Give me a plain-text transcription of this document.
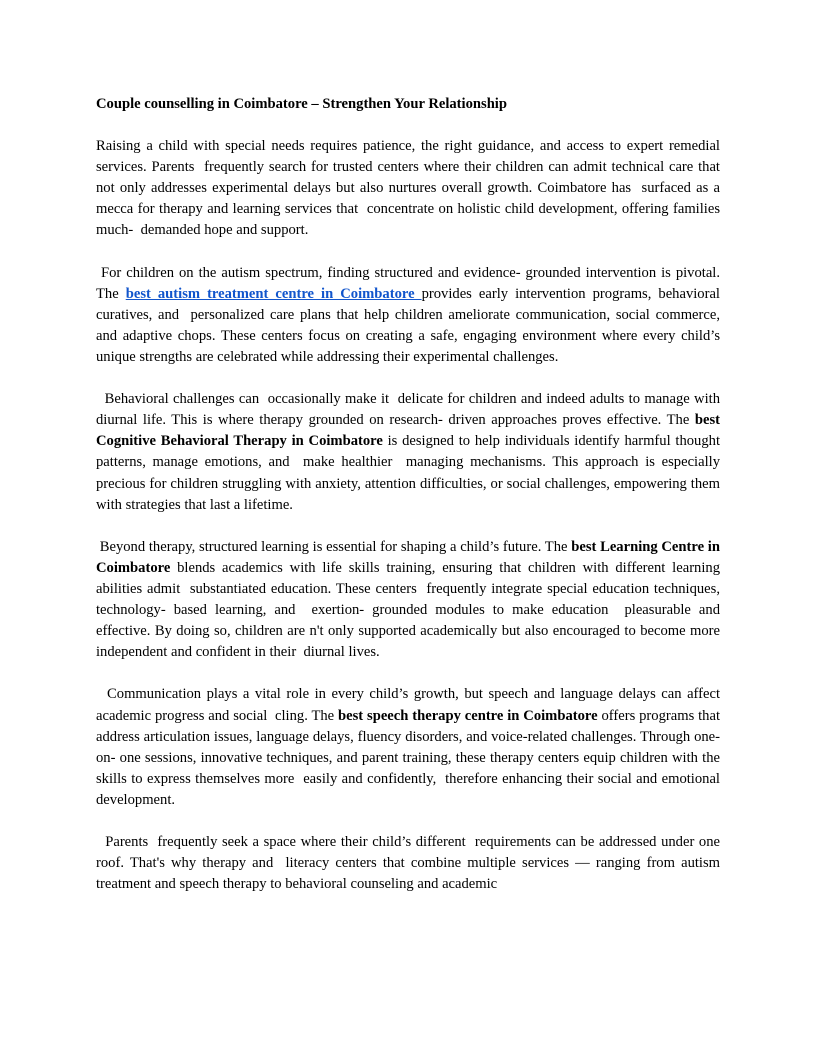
Couple counselling in Coimbatore – Strengthen Your Relationship

Raising a child with special needs requires patience, the right guidance, and access to expert remedial services. Parents  frequently search for trusted centers where their children can admit technical care that not only addresses experimental delays but also nurtures overall growth. Coimbatore has  surfaced as a  mecca for therapy and learning services that  concentrate on holistic child development, offering families much-  demanded hope and support.

For children on the autism spectrum, finding structured and evidence- grounded intervention is pivotal. The best autism treatment centre in Coimbatore provides early intervention programs, behavioral  curatives, and  personalized care plans that help children ameliorate communication, social commerce, and adaptive chops. These centers focus on creating a safe, engaging environment where every child’s unique strengths are celebrated while addressing their experimental challenges.

Behavioral challenges can  occasionally make it  delicate for children and indeed adults to manage with  diurnal life. This is where therapy grounded on research- driven approaches proves effective. The best Cognitive Behavioral Therapy in Coimbatore is designed to help individuals identify harmful thought patterns, manage emotions, and  make healthier  managing mechanisms. This approach is especially  precious for children struggling with anxiety, attention difficulties, or social challenges, empowering them with strategies that last a lifetime.

Beyond therapy, structured learning is essential for shaping a child’s future. The best Learning Centre in Coimbatore blends academics with life skills training, ensuring that children with different learning abilities admit  substantiated education. These centers  frequently integrate special education techniques, technology- based learning, and  exertion- grounded modules to make education  pleasurable and effective. By doing so, children are n't only supported academically but also encouraged to become more independent and confident in their  diurnal lives.

Communication plays a vital role in every child’s growth, but speech and language delays can affect academic progress and social  cling. The best speech therapy centre in Coimbatore offers programs that address articulation issues, language delays, fluency disorders, and voice-related challenges. Through one- on- one sessions, innovative techniques, and parent training, these therapy centers equip children with the skills to express themselves more  easily and confidently,  therefore enhancing their social and emotional development.

Parents  frequently seek a space where their child’s different  requirements can be addressed under one roof. That's why therapy and  literacy centers that combine multiple services — ranging from autism treatment and speech therapy to behavioral counseling and academic
